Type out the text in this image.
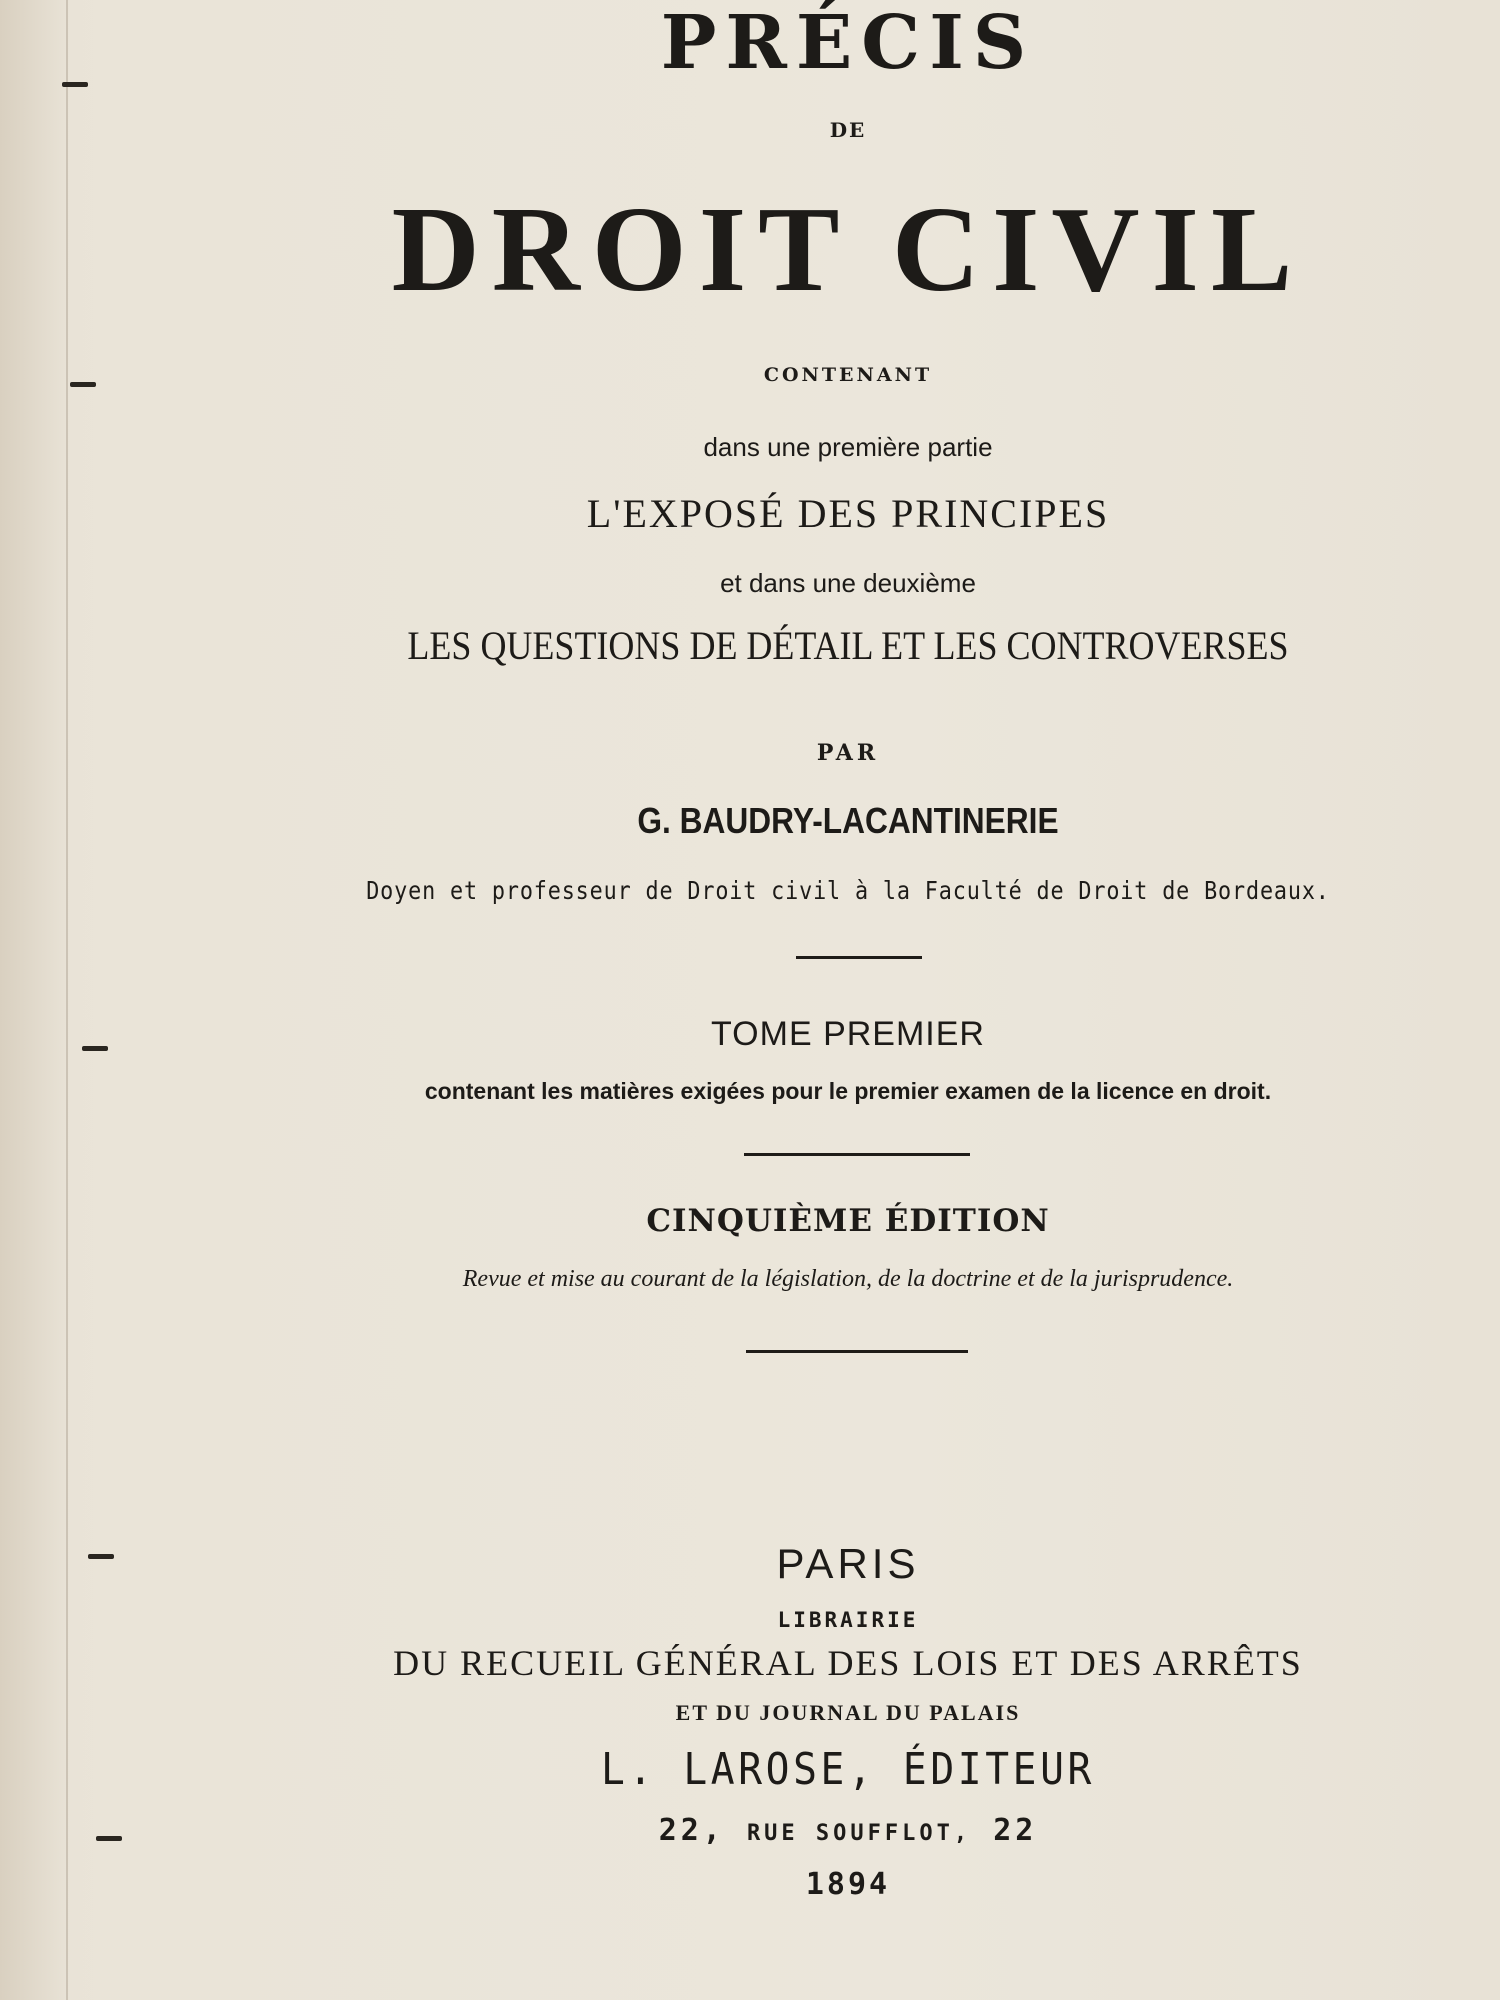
PRÉCIS

DE

DROIT CIVIL

CONTENANT

dans une première partie

L'EXPOSÉ DES PRINCIPES

et dans une deuxième

LES QUESTIONS DE DÉTAIL ET LES CONTROVERSES

PAR

G. BAUDRY-LACANTINERIE

Doyen et professeur de Droit civil à la Faculté de Droit de Bordeaux.

TOME PREMIER

contenant les matières exigées pour le premier examen de la licence en droit.

CINQUIÈME ÉDITION

Revue et mise au courant de la législation, de la doctrine et de la jurisprudence.

PARIS

LIBRAIRIE

DU RECUEIL GÉNÉRAL DES LOIS ET DES ARRÊTS

ET DU JOURNAL DU PALAIS

L. LAROSE, ÉDITEUR

22, RUE SOUFFLOT, 22

1894
